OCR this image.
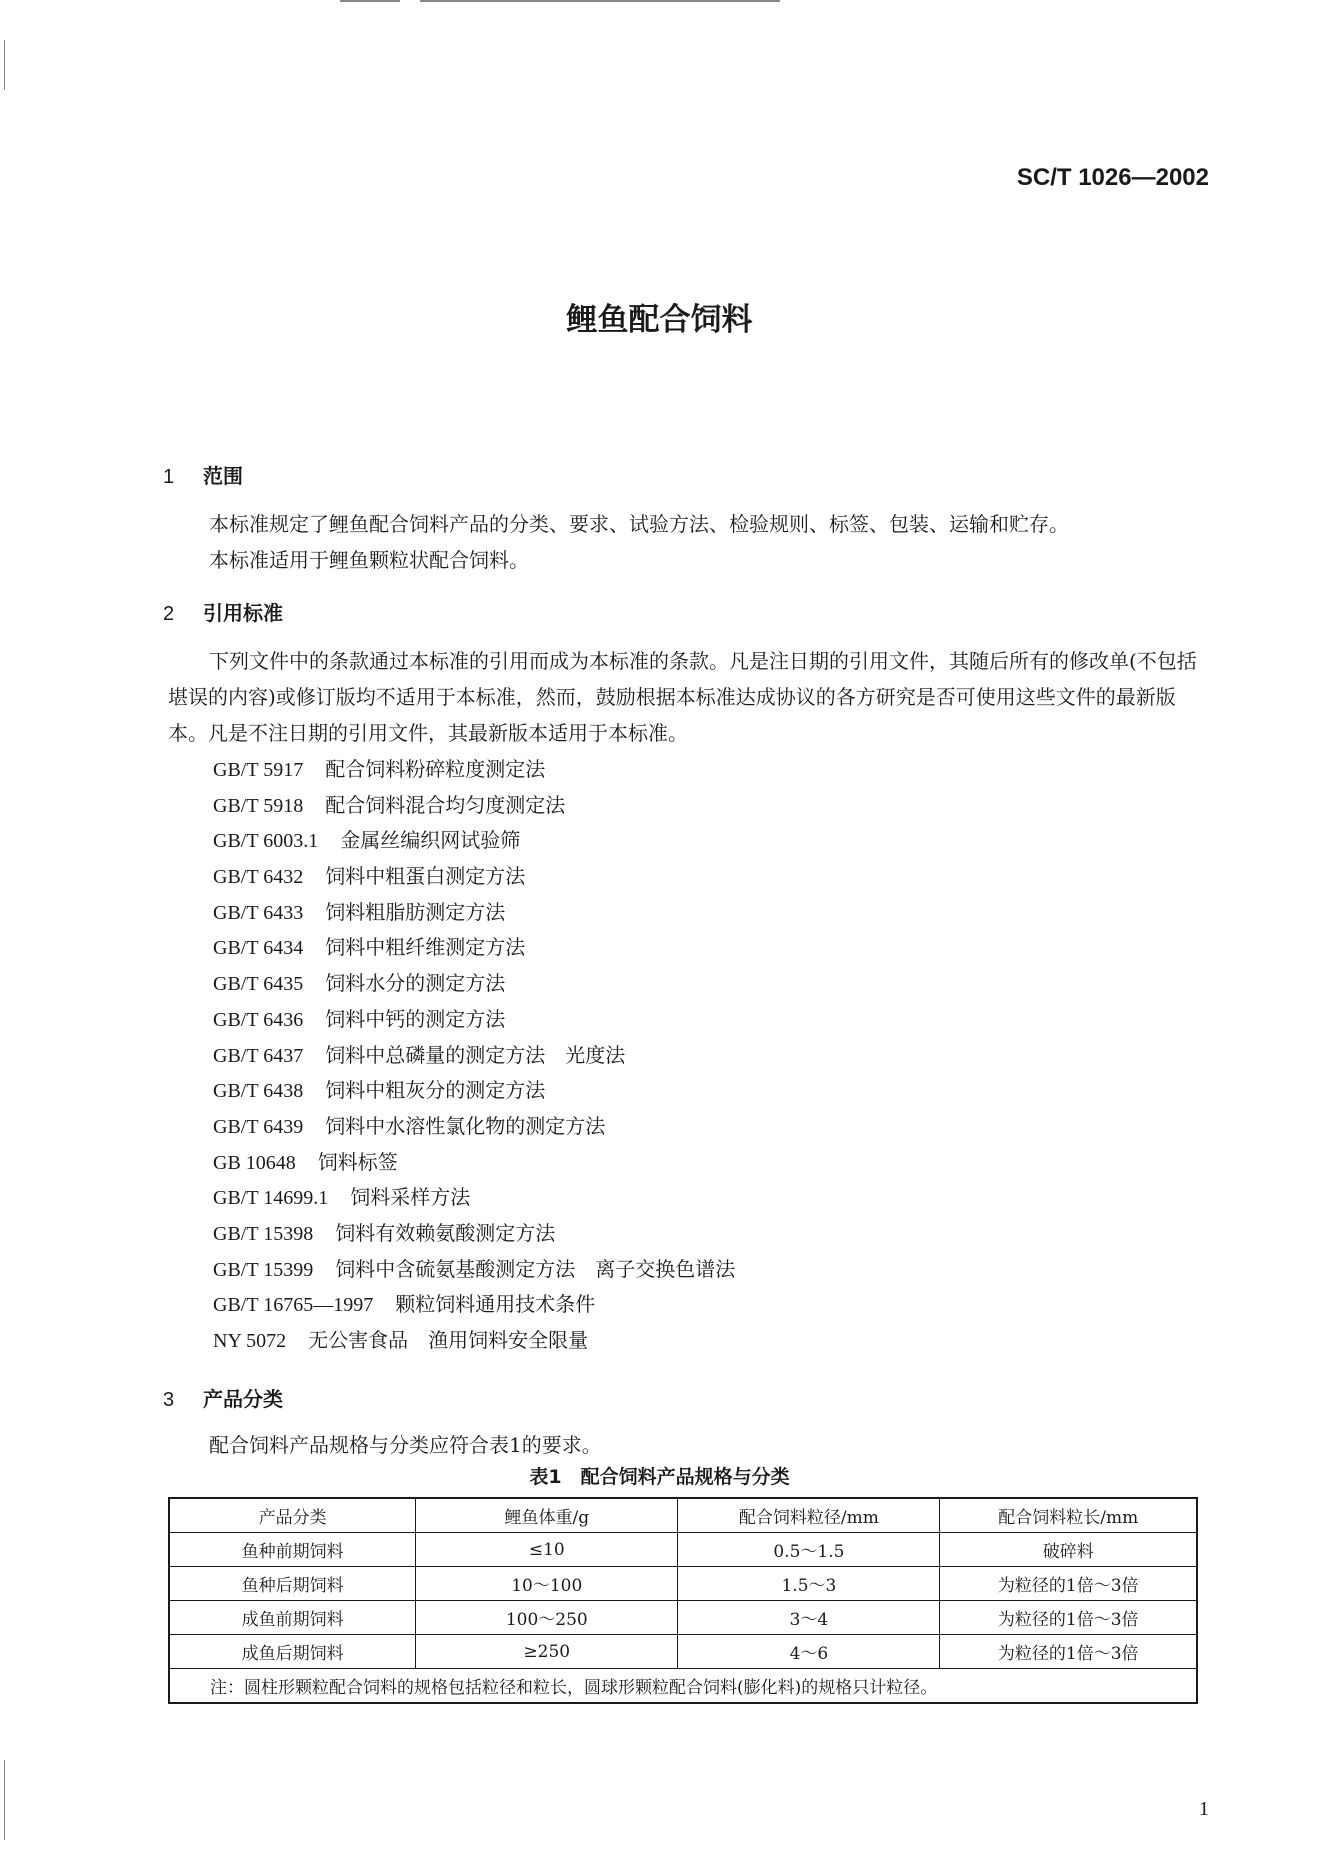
SC/T 1026—2002
鲤鱼配合饲料
1 范围
本标准规定了鲤鱼配合饲料产品的分类、要求、试验方法、检验规则、标签、包装、运输和贮存。
本标准适用于鲤鱼颗粒状配合饲料。
2 引用标准
下列文件中的条款通过本标准的引用而成为本标准的条款。凡是注日期的引用文件，其随后所有的修改单(不包括堪误的内容)或修订版均不适用于本标准，然而，鼓励根据本标准达成协议的各方研究是否可使用这些文件的最新版本。凡是不注日期的引用文件，其最新版本适用于本标准。
GB/T 5917 配合饲料粉碎粒度测定法
GB/T 5918 配合饲料混合均匀度测定法
GB/T 6003.1 金属丝编织网试验筛
GB/T 6432 饲料中粗蛋白测定方法
GB/T 6433 饲料粗脂肪测定方法
GB/T 6434 饲料中粗纤维测定方法
GB/T 6435 饲料水分的测定方法
GB/T 6436 饲料中钙的测定方法
GB/T 6437 饲料中总磷量的测定方法　光度法
GB/T 6438 饲料中粗灰分的测定方法
GB/T 6439 饲料中水溶性氯化物的测定方法
GB 10648 饲料标签
GB/T 14699.1 饲料采样方法
GB/T 15398 饲料有效赖氨酸测定方法
GB/T 15399 饲料中含硫氨基酸测定方法　离子交换色谱法
GB/T 16765—1997 颗粒饲料通用技术条件
NY 5072 无公害食品　渔用饲料安全限量
3 产品分类
配合饲料产品规格与分类应符合表1的要求。
表1　配合饲料产品规格与分类
产品分类	鲤鱼体重/g	配合饲料粒径/mm	配合饲料粒长/mm
鱼种前期饲料	≤10	0.5～1.5	破碎料
鱼种后期饲料	10～100	1.5～3	为粒径的1倍～3倍
成鱼前期饲料	100～250	3～4	为粒径的1倍～3倍
成鱼后期饲料	≥250	4～6	为粒径的1倍～3倍
注：圆柱形颗粒配合饲料的规格包括粒径和粒长，圆球形颗粒配合饲料(膨化料)的规格只计粒径。			
1
